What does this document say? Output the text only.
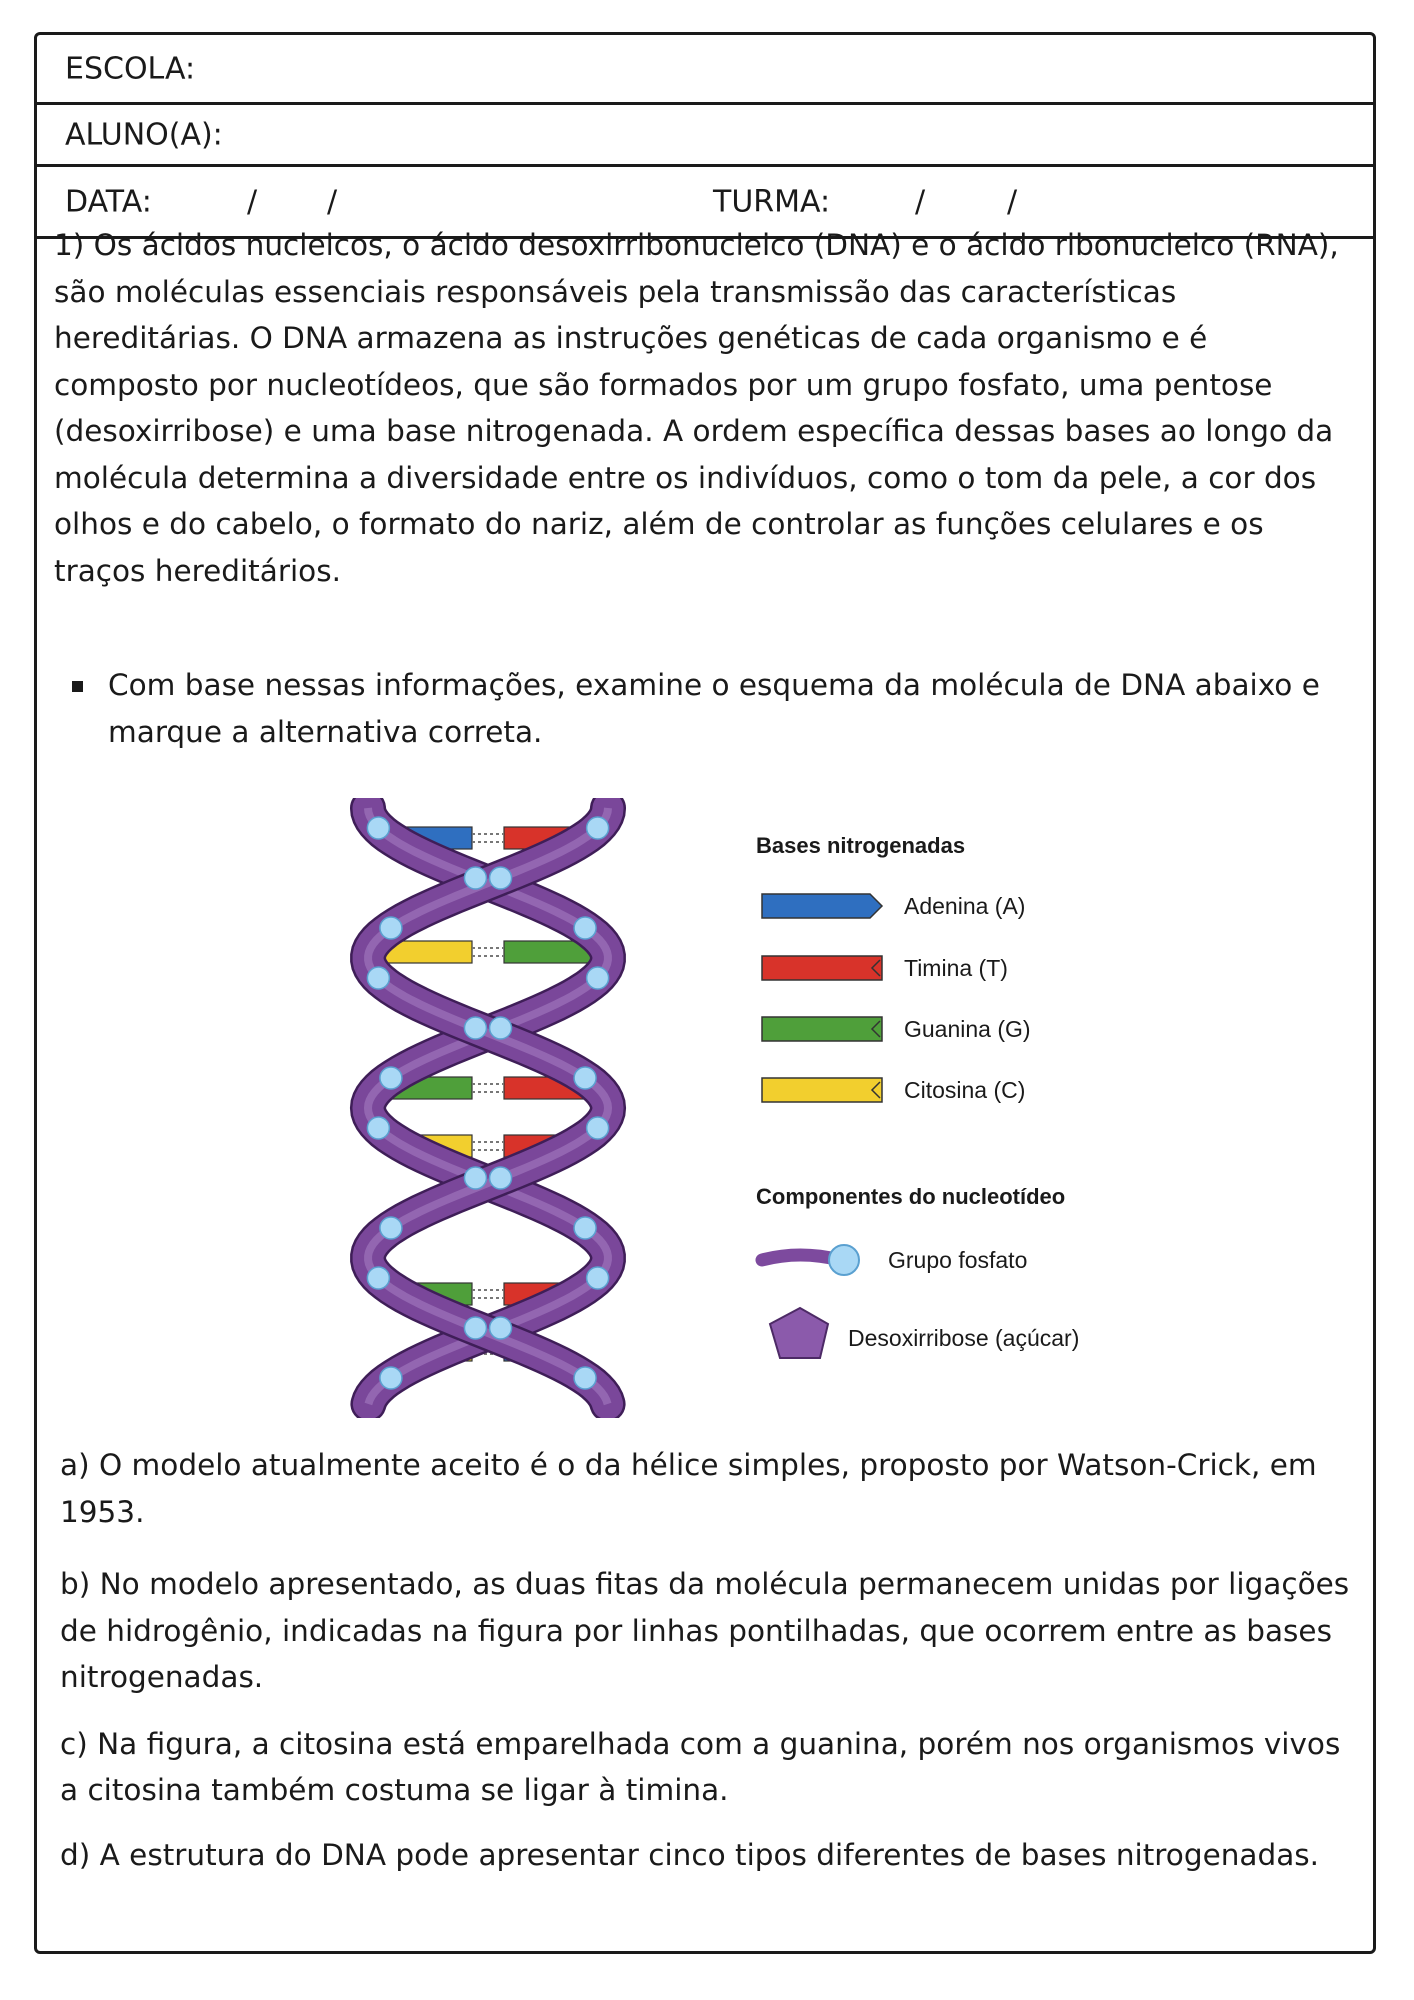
ESCOLA:
ALUNO(A):
DATA:	/ /	TURMA:	/	/

1) Os ácidos nucleicos, o ácido desoxirribonucleico (DNA) e o ácido ribonucleico (RNA), são moléculas essenciais responsáveis pela transmissão das características hereditárias. O DNA armazena as instruções genéticas de cada organismo e é composto por nucleotídeos, que são formados por um grupo fosfato, uma pentose (desoxirribose) e uma base nitrogenada. A ordem específica dessas bases ao longo da molécula determina a diversidade entre os indivíduos, como o tom da pele, a cor dos olhos e do cabelo, o formato do nariz, além de controlar as funções celulares e os traços hereditários.

Com base nessas informações, examine o esquema da molécula de DNA abaixo e marque a alternativa correta.
Bases nitrogenadas
Adenina (A)
Timina (T)
Guanina (G)
Citosina (C)
Componentes do nucleotídeo
Grupo fosfato
Desoxirribose (açúcar)

a) O modelo atualmente aceito é o da hélice simples, proposto por Watson-Crick, em 1953.

b) No modelo apresentado, as duas fitas da molécula permanecem unidas por ligações de hidrogênio, indicadas na figura por linhas pontilhadas, que ocorrem entre as bases nitrogenadas.

c) Na figura, a citosina está emparelhada com a guanina, porém nos organismos vivos a citosina também costuma se ligar à timina.

d) A estrutura do DNA pode apresentar cinco tipos diferentes de bases nitrogenadas.
